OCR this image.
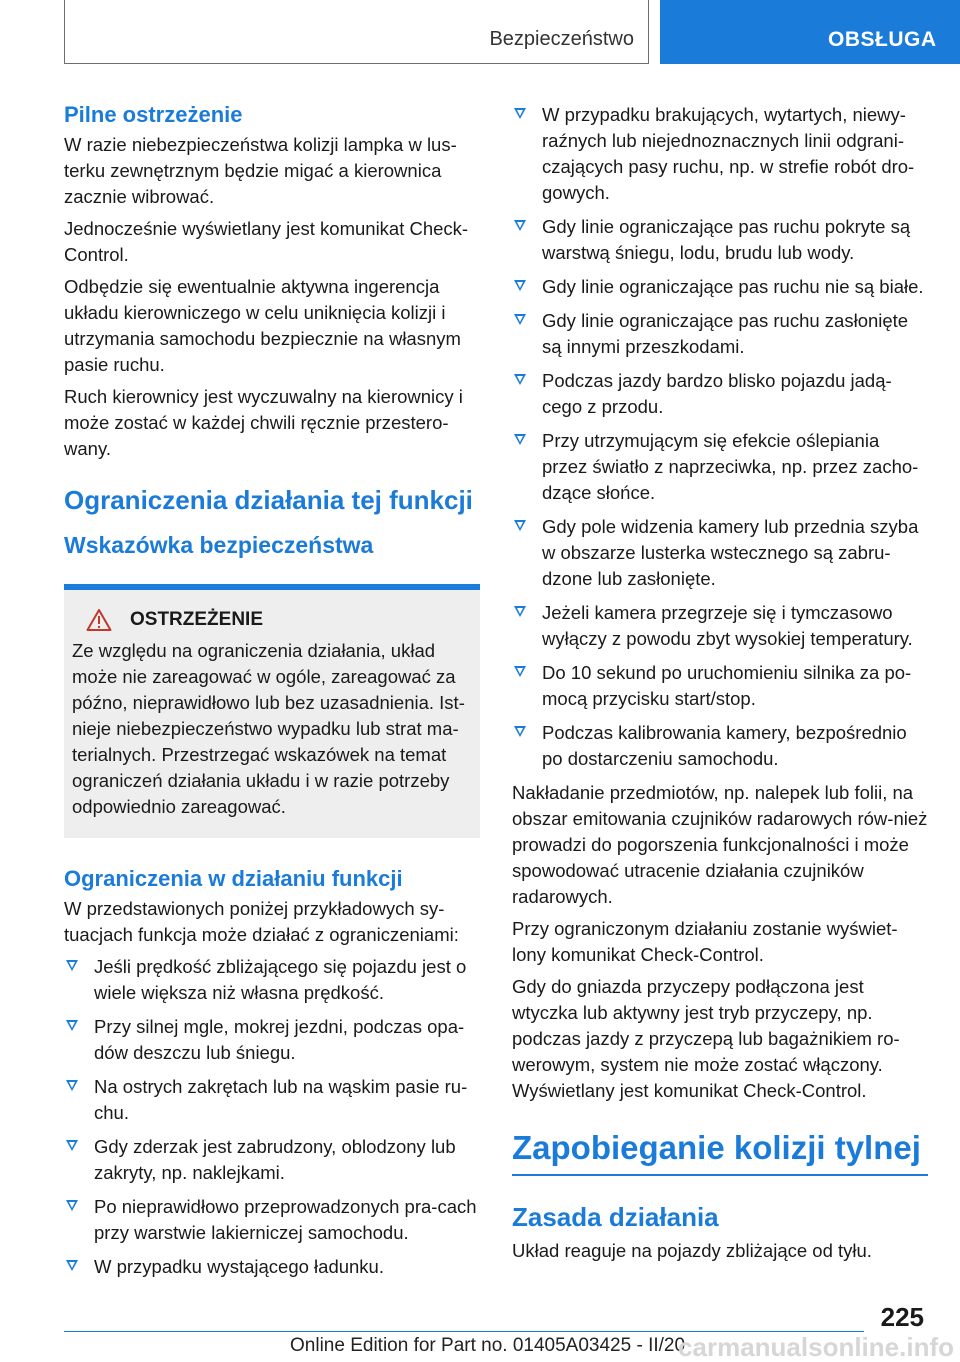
Bezpieczeństwo	OBSŁUGA
Pilne ostrzeżenie

W razie niebezpieczeństwa kolizji lampka w lus-terku zewnętrznym będzie migać a kierownica zacznie wibrować.

Jednocześnie wyświetlany jest komunikat Check-Control.

Odbędzie się ewentualnie aktywna ingerencja układu kierowniczego w celu uniknięcia kolizji i utrzymania samochodu bezpiecznie na własnym pasie ruchu.

Ruch kierownicy jest wyczuwalny na kierownicy i może zostać w każdej chwili ręcznie przestero-wany.

Ograniczenia działania tej funkcji
Wskazówka bezpieczeństwa
OSTRZEŻENIE

Ze względu na ograniczenia działania, układ może nie zareagować w ogóle, zareagować za późno, nieprawidłowo lub bez uzasadnienia. Ist-nieje niebezpieczeństwo wypadku lub strat ma-terialnych. Przestrzegać wskazówek na temat ograniczeń działania układu i w razie potrzeby odpowiednio zareagować.

Ograniczenia w działaniu funkcji

W przedstawionych poniżej przykładowych sy-tuacjach funkcja może działać z ograniczeniami:

Jeśli prędkość zbliżającego się pojazdu jest o wiele większa niż własna prędkość.
Przy silnej mgle, mokrej jezdni, podczas opa-dów deszczu lub śniegu.
Na ostrych zakrętach lub na wąskim pasie ru-chu.
Gdy zderzak jest zabrudzony, oblodzony lub zakryty, np. naklejkami.
Po nieprawidłowo przeprowadzonych pra-cach przy warstwie lakierniczej samochodu.
W przypadku wystającego ładunku.
W przypadku brakujących, wytartych, niewy-raźnych lub niejednoznacznych linii odgrani-czających pasy ruchu, np. w strefie robót dro-gowych.
Gdy linie ograniczające pas ruchu pokryte są warstwą śniegu, lodu, brudu lub wody.
Gdy linie ograniczające pas ruchu nie są białe.
Gdy linie ograniczające pas ruchu zasłonięte są innymi przeszkodami.
Podczas jazdy bardzo blisko pojazdu jadą-cego z przodu.
Przy utrzymującym się efekcie oślepiania przez światło z naprzeciwka, np. przez zacho-dzące słońce.
Gdy pole widzenia kamery lub przednia szyba w obszarze lusterka wstecznego są zabru-dzone lub zasłonięte.
Jeżeli kamera przegrzeje się i tymczasowo wyłączy z powodu zbyt wysokiej temperatury.
Do 10 sekund po uruchomieniu silnika za po-mocą przycisku start/stop.
Podczas kalibrowania kamery, bezpośrednio po dostarczeniu samochodu.

Nakładanie przedmiotów, np. nalepek lub folii, na obszar emitowania czujników radarowych rów-nież prowadzi do pogorszenia funkcjonalności i może spowodować utracenie działania czujników radarowych.

Przy ograniczonym działaniu zostanie wyświet-lony komunikat Check-Control.

Gdy do gniazda przyczepy podłączona jest wtyczka lub aktywny jest tryb przyczepy, np. podczas jazdy z przyczepą lub bagażnikiem ro-werowym, system nie może zostać włączony. Wyświetlany jest komunikat Check-Control.

Zapobieganie kolizji tylnej
Zasada działania

Układ reaguje na pojazdy zbliżające od tyłu.

225
Online Edition for Part no. 01405A03425 - II/20
carmanualsonline.info
